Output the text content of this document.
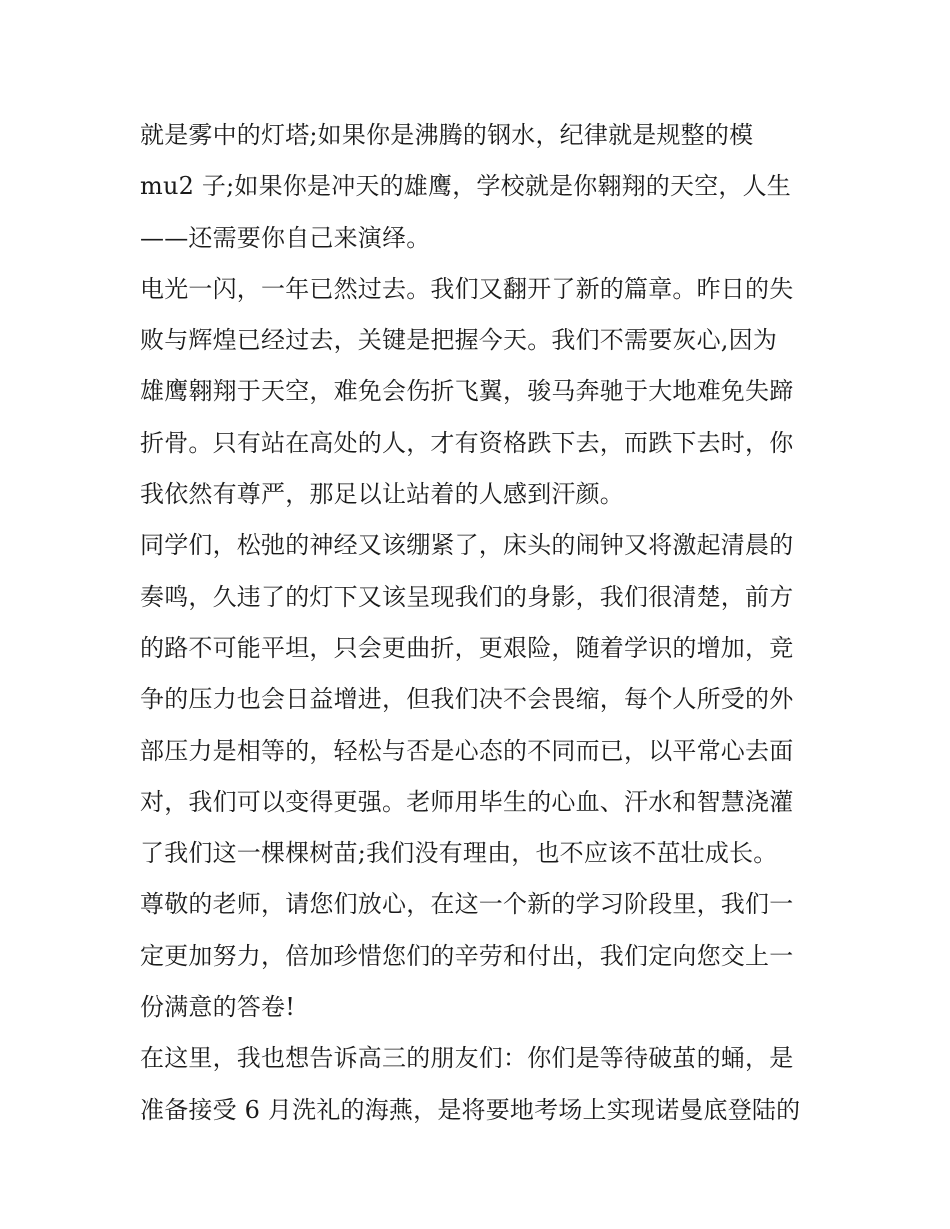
就是雾中的灯塔;如果你是沸腾的钢水，纪律就是规整的模
mu2 子;如果你是冲天的雄鹰，学校就是你翱翔的天空，人生
——还需要你自己来演绎。
电光一闪，一年已然过去。我们又翻开了新的篇章。昨日的失
败与辉煌已经过去，关键是把握今天。我们不需要灰心,因为
雄鹰翱翔于天空，难免会伤折飞翼，骏马奔驰于大地难免失蹄
折骨。只有站在高处的人，才有资格跌下去，而跌下去时，你
我依然有尊严，那足以让站着的人感到汗颜。
同学们，松弛的神经又该绷紧了，床头的闹钟又将激起清晨的
奏鸣，久违了的灯下又该呈现我们的身影，我们很清楚，前方
的路不可能平坦，只会更曲折，更艰险，随着学识的增加，竞
争的压力也会日益增进，但我们决不会畏缩，每个人所受的外
部压力是相等的，轻松与否是心态的不同而已，以平常心去面
对，我们可以变得更强。老师用毕生的心血、汗水和智慧浇灌
了我们这一棵棵树苗;我们没有理由，也不应该不茁壮成长。
尊敬的老师，请您们放心，在这一个新的学习阶段里，我们一
定更加努力，倍加珍惜您们的辛劳和付出，我们定向您交上一
份满意的答卷!
在这里，我也想告诉高三的朋友们：你们是等待破茧的蛹，是
准备接受 6 月洗礼的海燕，是将要地考场上实现诺曼底登陆的
